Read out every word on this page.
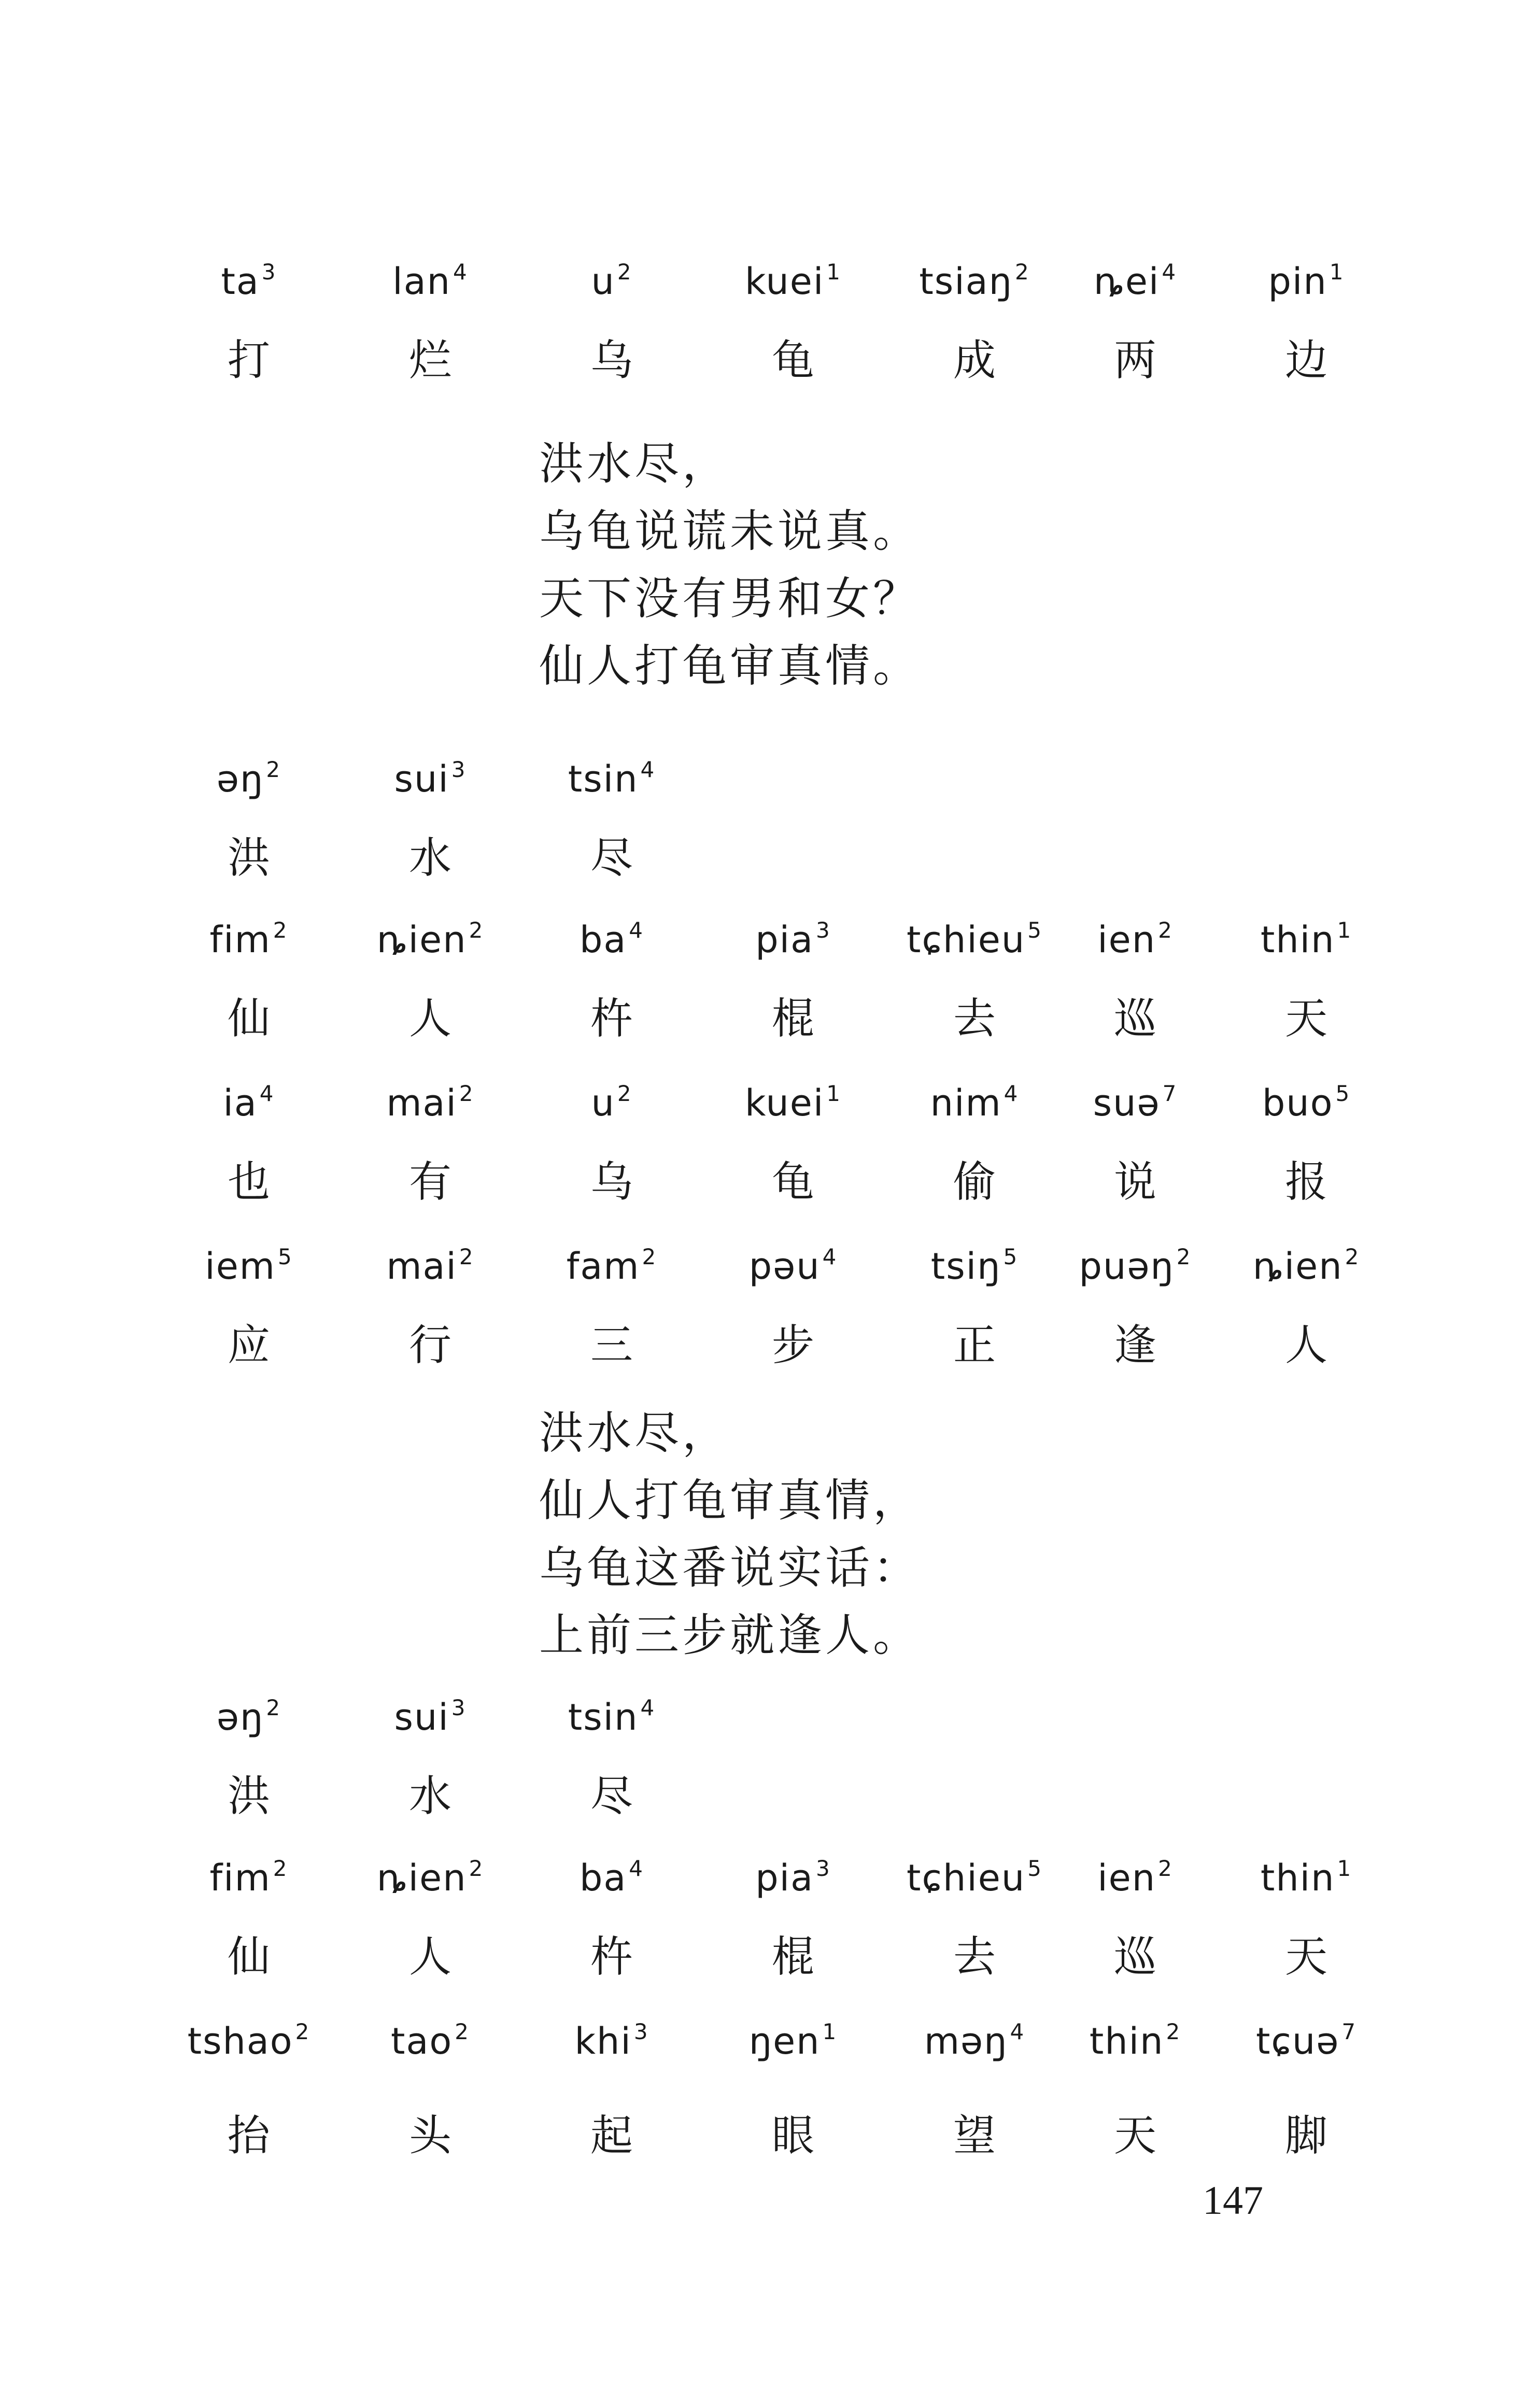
$ta^3$	lan$^4$	$u^2$	kuei$^1$	tsiaŋ$^2$	ȵei$^4$	pin$^1$
打	烂	乌	龟	成	两	边
洪水尽，
乌龟说谎未说真。
天下没有男和女？
仙人打龟审真情。
əŋ$^2$	sui$^3$	tsin$^4$
洪	水	尽
fim$^2$	ȵien$^2$	$ba^4$	pia$^3$	tɕhieu$^5$	ien$^2$	thin$^1$
仙	人	杵	棍	去	巡	天
$ia^4$	mai$^2$	$u^2$	kuei$^1$	nim$^4$	suə$^7$	buo$^5$
也	有	乌	龟	偷	说	报
iem$^5$	mai$^2$	fam$^2$	pəu$^4$	tsiŋ$^5$	puəŋ$^2$	ȵien$^2$
应	行	三	步	正	逢	人
洪水尽，
仙人打龟审真情，
乌龟这番说实话：
上前三步就逢人。
əŋ$^2$	sui$^3$	tsin$^4$
洪	水	尽
fim$^2$	ȵien$^2$	$ba^4$	pia$^3$	tɕhieu$^5$	ien$^2$	thin$^1$
仙	人	杵	棍	去	巡	天
tshao$^2$	tao$^2$	khi$^3$	ŋen$^1$	məŋ$^4$	thin$^2$	tɕuə$^7$
抬	头	起	眼	望	天	脚
147
